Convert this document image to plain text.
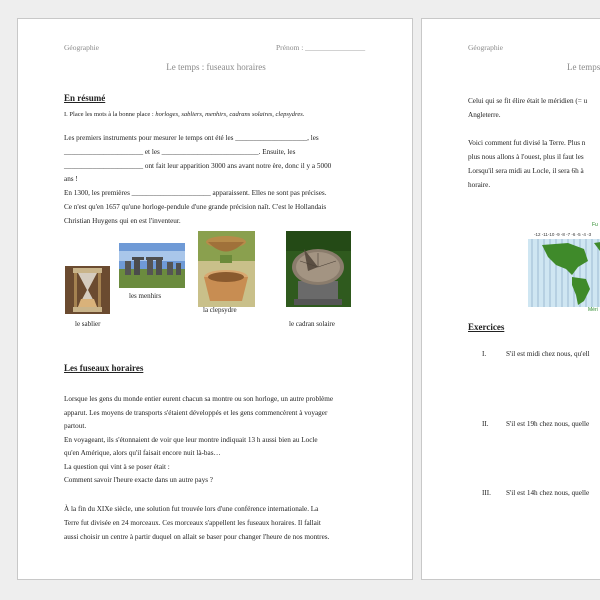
Géographie	Prénom : ________________
Le temps : fuseaux horaires
En résumé
I. Place les mots à la bonne place : horloges, sabliers, menhirs, cadrans solaires, clepsydres.
Les premiers instruments pour mesurer le temps ont été les ____________________, les
______________________ et les ___________________________. Ensuite, les
______________________ ont fait leur apparition 3000 ans avant notre ère, donc il y a 5000
ans !
En 1300, les premières ______________________ apparaissent. Elles ne sont pas précises.
Ce n'est qu'en 1657 qu'une horloge-pendule d'une grande précision naît. C'est le Hollandais
Christian Huygens qui en est l'inventeur.
le sablier
les menhirs
la clepsydre
le cadran solaire
Les fuseaux horaires
Lorsque les gens du monde entier eurent chacun sa montre ou son horloge, un autre problème
apparut. Les moyens de transports s'étaient développés et les gens commencèrent à voyager
partout.
En voyageant, ils s'étonnaient de voir que leur montre indiquait 13 h aussi bien au Locle
qu'en Amérique, alors qu'il faisait encore nuit là-bas…
La question qui vint à se poser était :
Comment savoir l'heure exacte dans un autre pays ?
À la fin du XIXe siècle, une solution fut trouvée lors d'une conférence internationale. La
Terre fut divisée en 24 morceaux. Ces morceaux s'appellent les fuseaux horaires. Il fallait
aussi choisir un centre à partir duquel on allait se baser pour changer l'heure de nos montres.
Géographie
Le temps
Celui qui se fit élire était le méridien (= u
Angleterre.
Voici comment fut divisé la Terre. Plus n
plus nous allons à l'ouest, plus il faut les
Lorsqu'il sera midi au Locle, il sera 6h à
horaire.
Fu
-12 -11-10 -9 -8 -7 -6 -5 -4 -3
Méri
Exercices
I.	S'il est midi chez nous, qu'ell
II. S'il est 19h chez nous, quelle
III. S'il est 14h chez nous, quelle
